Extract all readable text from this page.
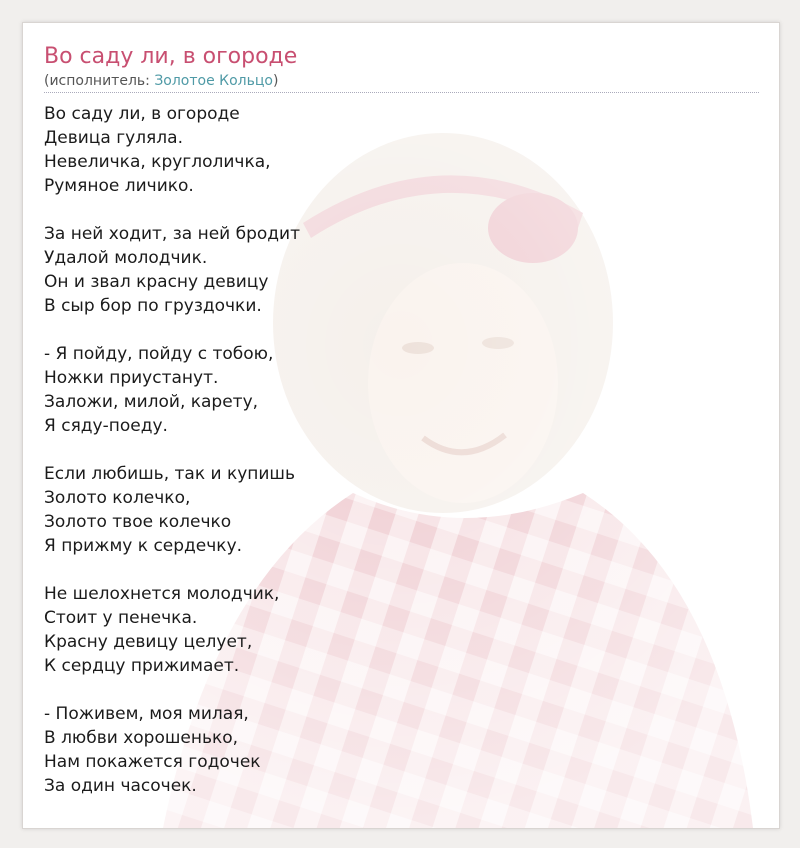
Во саду ли, в огороде
(исполнитель: Золотое Кольцо)
Во саду ли, в огороде
Девица гуляла.
Невеличка, круглоличка,
Румяное личико.
За ней ходит, за ней бродит
Удалой молодчик.
Он и звал красну девицу
В сыр бор по груздочки.
- Я пойду, пойду с тобою,
Ножки приустанут.
Заложи, милой, карету,
Я сяду-поеду.
Если любишь, так и купишь
Золото колечко,
Золото твое колечко
Я прижму к сердечку.
Не шелохнется молодчик,
Стоит у пенечка.
Красну девицу целует,
К сердцу прижимает.
- Поживем, моя милая,
В любви хорошенько,
Нам покажется годочек
За один часочек.
